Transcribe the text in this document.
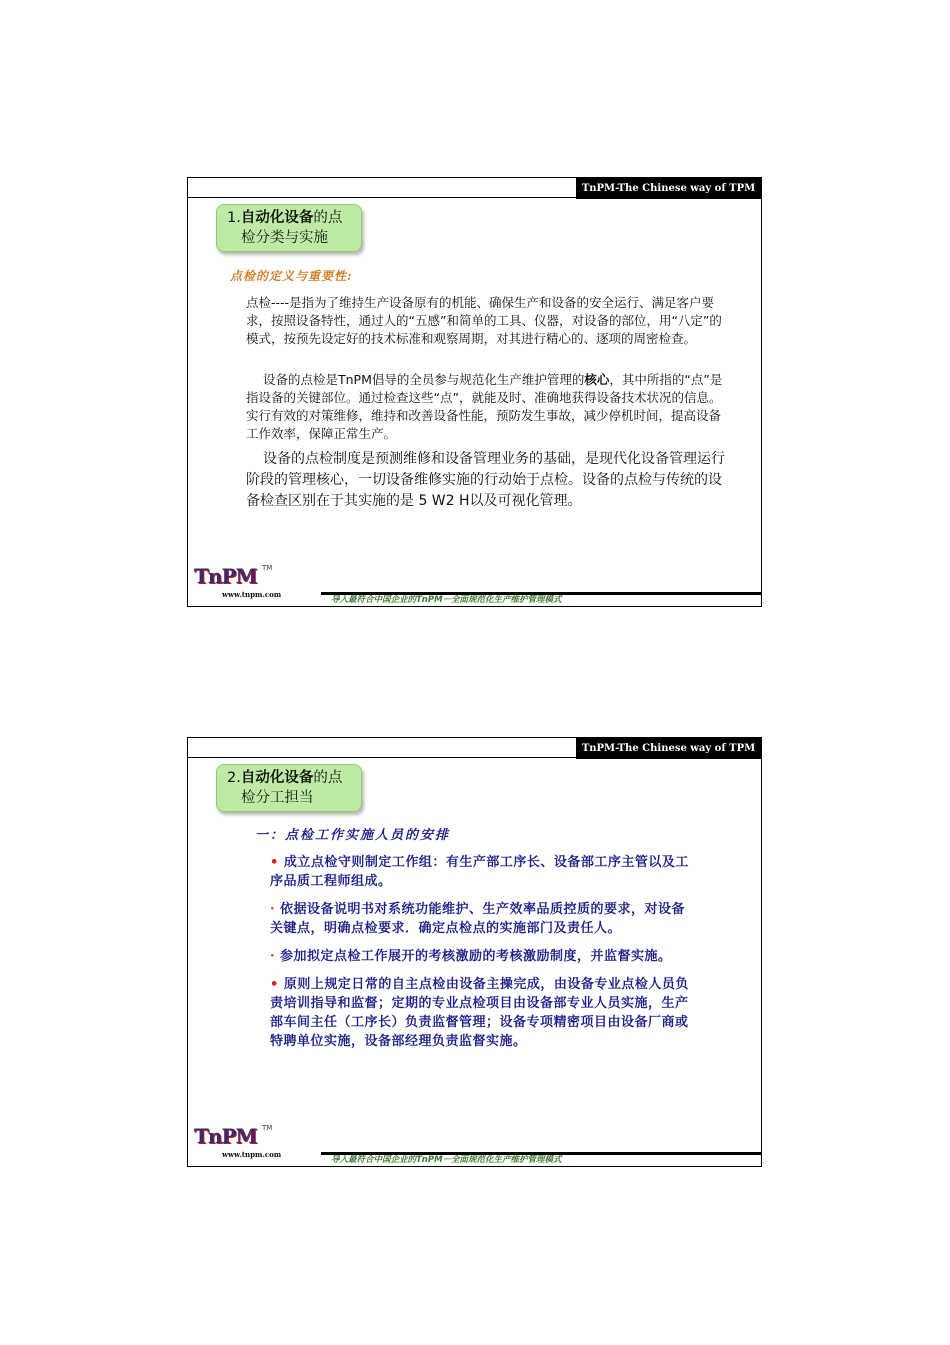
TnPM-The Chinese way of TPM
1.自动化设备的点
检分类与实施
点检的定义与重要性:

点检----是指为了维持生产设备原有的机能、确保生产和设备的安全运行、满足客户要求，按照设备特性，通过人的“五感”和简单的工具、仪器，对设备的部位，用“八定”的模式，按预先设定好的技术标准和观察周期，对其进行精心的、逐项的周密检查。

设备的点检是TnPM倡导的全员参与规范化生产维护管理的核心，其中所指的“点”是指设备的关键部位。通过检查这些“点”，就能及时、准确地获得设备技术状况的信息。实行有效的对策维修，维持和改善设备性能，预防发生事故，减少停机时间，提高设备工作效率，保障正常生产。

设备的点检制度是预测维修和设备管理业务的基础，是现代化设备管理运行阶段的管理核心，一切设备维修实施的行动始于点检。设备的点检与传统的设备检查区别在于其实施的是 5 W2 H以及可视化管理。

TnPM TM
www.tnpm.com
导入最符合中国企业的TnPM－全面规范化生产维护管理模式
TnPM-The Chinese way of TPM
2.自动化设备的点
检分工担当
一：点检工作实施人员的安排
• 成立点检守则制定工作组：有生产部工序长、设备部工序主管以及工序品质工程师组成。
· 依据设备说明书对系统功能维护、生产效率品质控质的要求，对设备关键点，明确点检要求．确定点检点的实施部门及责任人。
· 参加拟定点检工作展开的考核激励的考核激励制度，并监督实施。
• 原则上规定日常的自主点检由设备主操完成，由设备专业点检人员负责培训指导和监督；定期的专业点检项目由设备部专业人员实施，生产部车间主任（工序长）负责监督管理；设备专项精密项目由设备厂商或特聘单位实施，设备部经理负责监督实施。
TnPM TM
www.tnpm.com
导入最符合中国企业的TnPM－全面规范化生产维护管理模式
